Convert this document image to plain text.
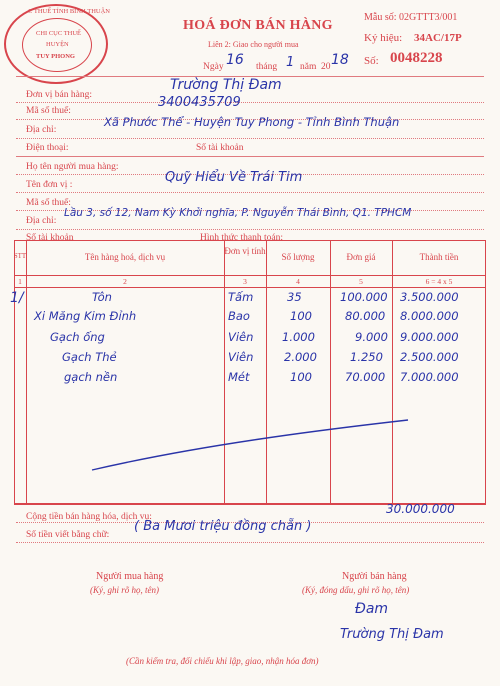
C THUẾ TỈNH BÌNH THUẬN
CHI CỤC THUẾ
HUYỆN
TUY PHONG
HOÁ ĐƠN BÁN HÀNG
Liên 2: Giao cho người mua
Ngày 16 tháng 1 năm 20 18
Mẫu số: 02GTTT3/001
Ký hiệu: 34AC/17P
Số: 0048228
Đơn vị bán hàng:
Trường Thị Đam
Mã số thuế:
3400435709
Địa chỉ:
Xã Phước Thể - Huyện Tuy Phong - Tỉnh Bình Thuận
Điện thoại:	Số tài khoản
Họ tên người mua hàng:
Tên đơn vị :	Quỹ Hiểu Về Trái Tim
Mã số thuế:
Địa chỉ:
Lầu 3, số 12, Nam Kỳ Khởi nghĩa, P. Nguyễn Thái Bình, Q1. TPHCM
Số tài khoản	Hình thức thanh toán:
STT	Tên hàng hoá, dịch vụ
Đơn vị tính
Số lượng	Đơn giá	Thành tiền
1	2	3	4	5	6 = 4 x 5
1/	Tôn	Tấm	35	100.000 3.500.000
Xi Măng Kim Đỉnh	Bao	100	80.000 8.000.000
Gạch ống	Viên 1.000	9.000 9.000.000
Gạch Thẻ	Viên	2.000	1.250 2.500.000
gạch nền	Mét	100	70.000 7.000.000
Cộng tiền bán hàng hóa, dịch vụ:
30.000.000
Số tiền viết bằng chữ:
( Ba Mươi triệu đồng chẵn )
Người mua hàng
(Ký, ghi rõ họ, tên)
Người bán hàng
(Ký, đóng dấu, ghi rõ họ, tên)
Đam
Trường Thị Đam
(Cần kiểm tra, đối chiếu khi lập, giao, nhận hóa đơn)
